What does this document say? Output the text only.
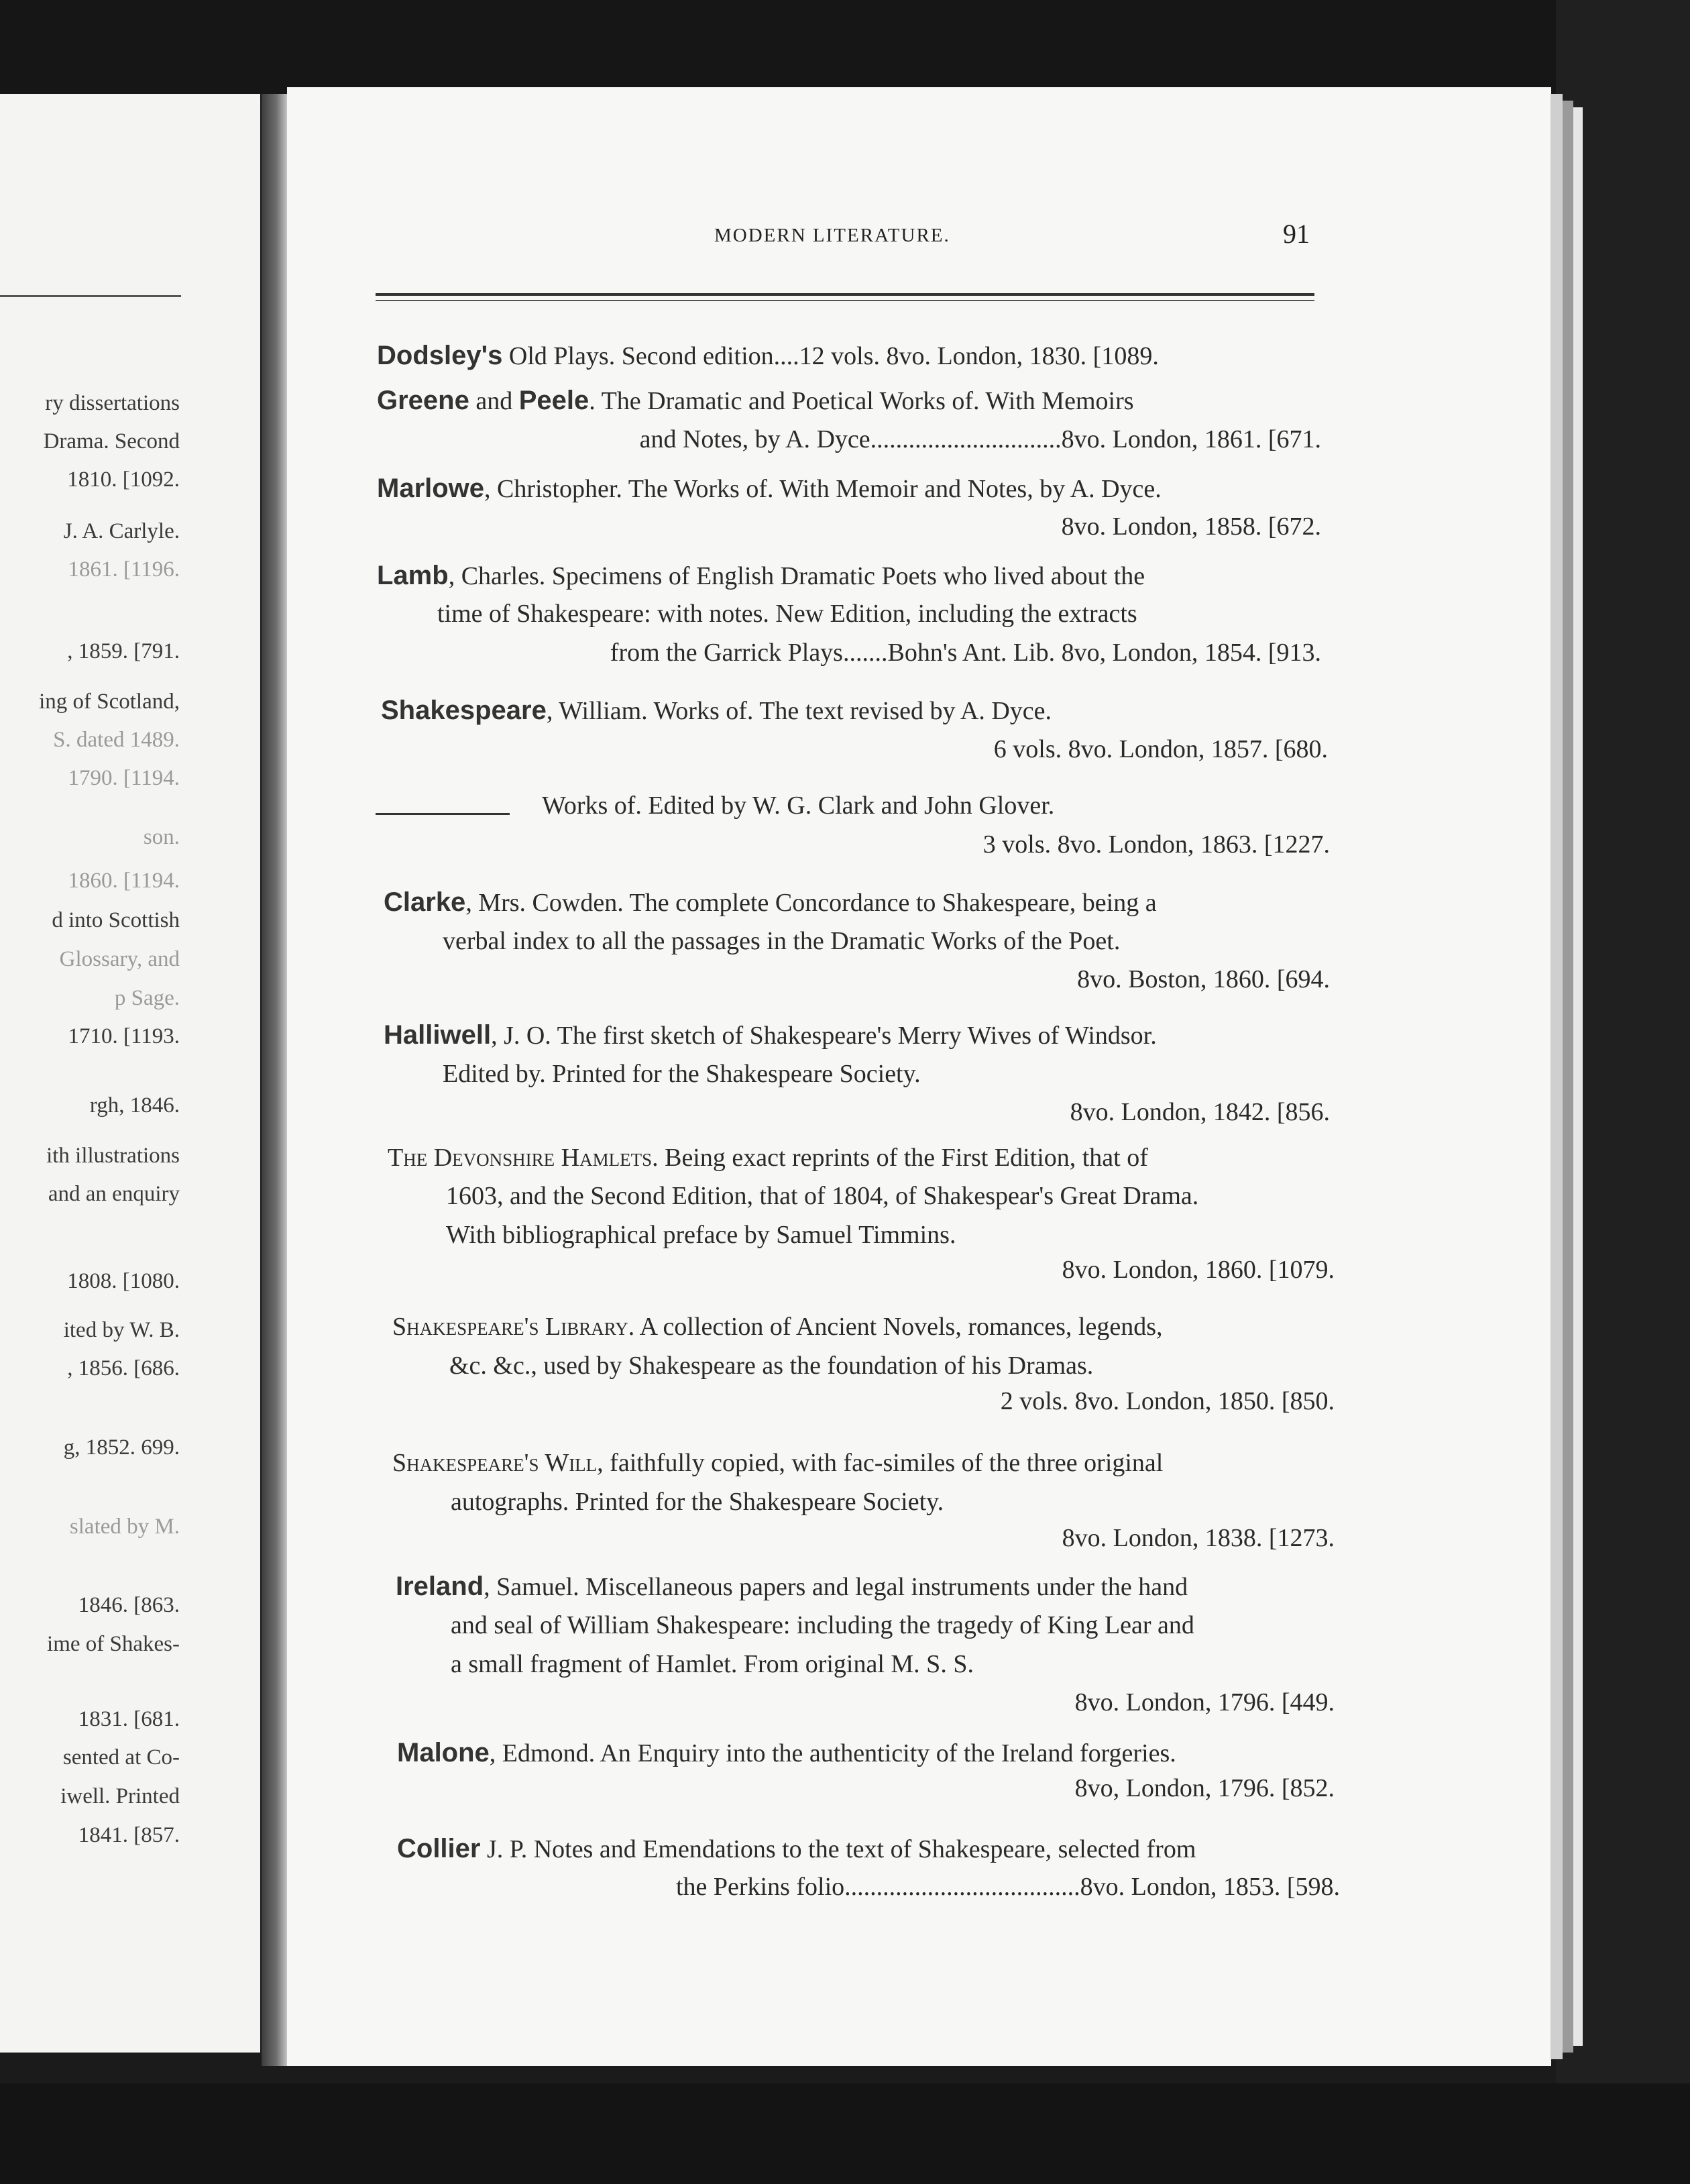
ry dissertations
Drama. Second
1810. [1092.
J. A. Carlyle.
1861. [1196.
, 1859. [791.
ing of Scotland,
S. dated 1489.
1790. [1194.
son.
1860. [1194.
d into Scottish
Glossary, and
p Sage.
1710. [1193.
rgh, 1846.
ith illustrations
and an enquiry
1808. [1080.
ited by W. B.
, 1856. [686.
g, 1852. 699.
slated by M.
1846. [863.
ime of Shakes-
1831. [681.
sented at Co-
iwell. Printed
1841. [857.
MODERN LITERATURE.	91
Dodsley's Old Plays. Second edition....12 vols. 8vo. London, 1830. [1089.
Greene and Peele. The Dramatic and Poetical Works of. With Memoirs
and Notes, by A. Dyce..............................8vo. London, 1861. [671.
Marlowe, Christopher. The Works of. With Memoir and Notes, by A. Dyce.
8vo. London, 1858. [672.
Lamb, Charles. Specimens of English Dramatic Poets who lived about the
time of Shakespeare: with notes. New Edition, including the extracts
from the Garrick Plays.......Bohn's Ant. Lib. 8vo, London, 1854. [913.
Shakespeare, William. Works of. The text revised by A. Dyce.
6 vols. 8vo. London, 1857. [680.
Works of. Edited by W. G. Clark and John Glover.
3 vols. 8vo. London, 1863. [1227.
Clarke, Mrs. Cowden. The complete Concordance to Shakespeare, being a
verbal index to all the passages in the Dramatic Works of the Poet.
8vo. Boston, 1860. [694.
Halliwell, J. O. The first sketch of Shakespeare's Merry Wives of Windsor.
Edited by. Printed for the Shakespeare Society.
8vo. London, 1842. [856.
The Devonshire Hamlets. Being exact reprints of the First Edition, that of
1603, and the Second Edition, that of 1804, of Shakespear's Great Drama.
With bibliographical preface by Samuel Timmins.
8vo. London, 1860. [1079.
Shakespeare's Library. A collection of Ancient Novels, romances, legends,
&c. &c., used by Shakespeare as the foundation of his Dramas.
2 vols. 8vo. London, 1850. [850.
Shakespeare's Will, faithfully copied, with fac-similes of the three original
autographs. Printed for the Shakespeare Society.
8vo. London, 1838. [1273.
Ireland, Samuel. Miscellaneous papers and legal instruments under the hand
and seal of William Shakespeare: including the tragedy of King Lear and
a small fragment of Hamlet. From original M. S. S.
8vo. London, 1796. [449.
Malone, Edmond. An Enquiry into the authenticity of the Ireland forgeries.
8vo, London, 1796. [852.
Collier J. P. Notes and Emendations to the text of Shakespeare, selected from
the Perkins folio.....................................8vo. London, 1853. [598.
